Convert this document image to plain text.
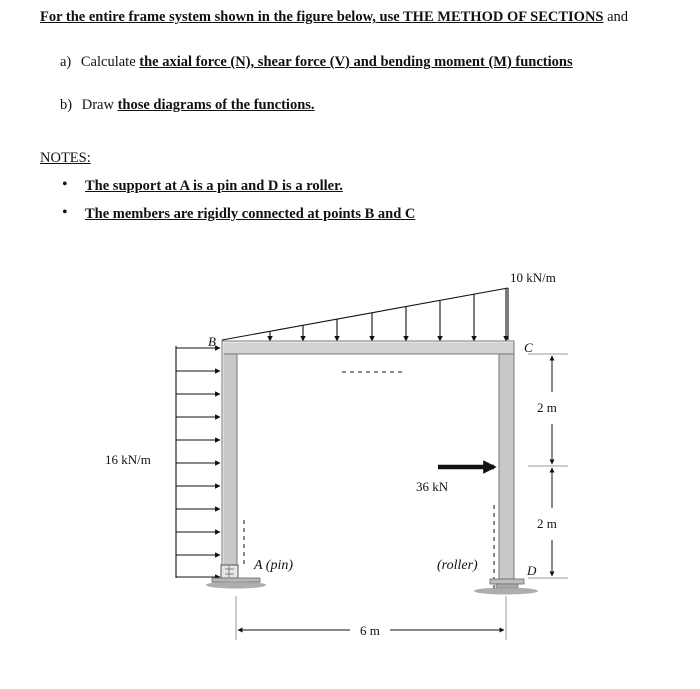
For the entire frame system shown in the figure below, use THE METHOD OF SECTIONS and
a) Calculate the axial force (N), shear force (V) and bending moment (M) functions
b) Draw those diagrams of the functions.
NOTES:
• The support at A is a pin and D is a roller.
• The members are rigidly connected at points B and C
10 kN/m
B	C
16 kN/m
36 kN
2 m
2 m
A (pin)	(roller)	D
6 m
